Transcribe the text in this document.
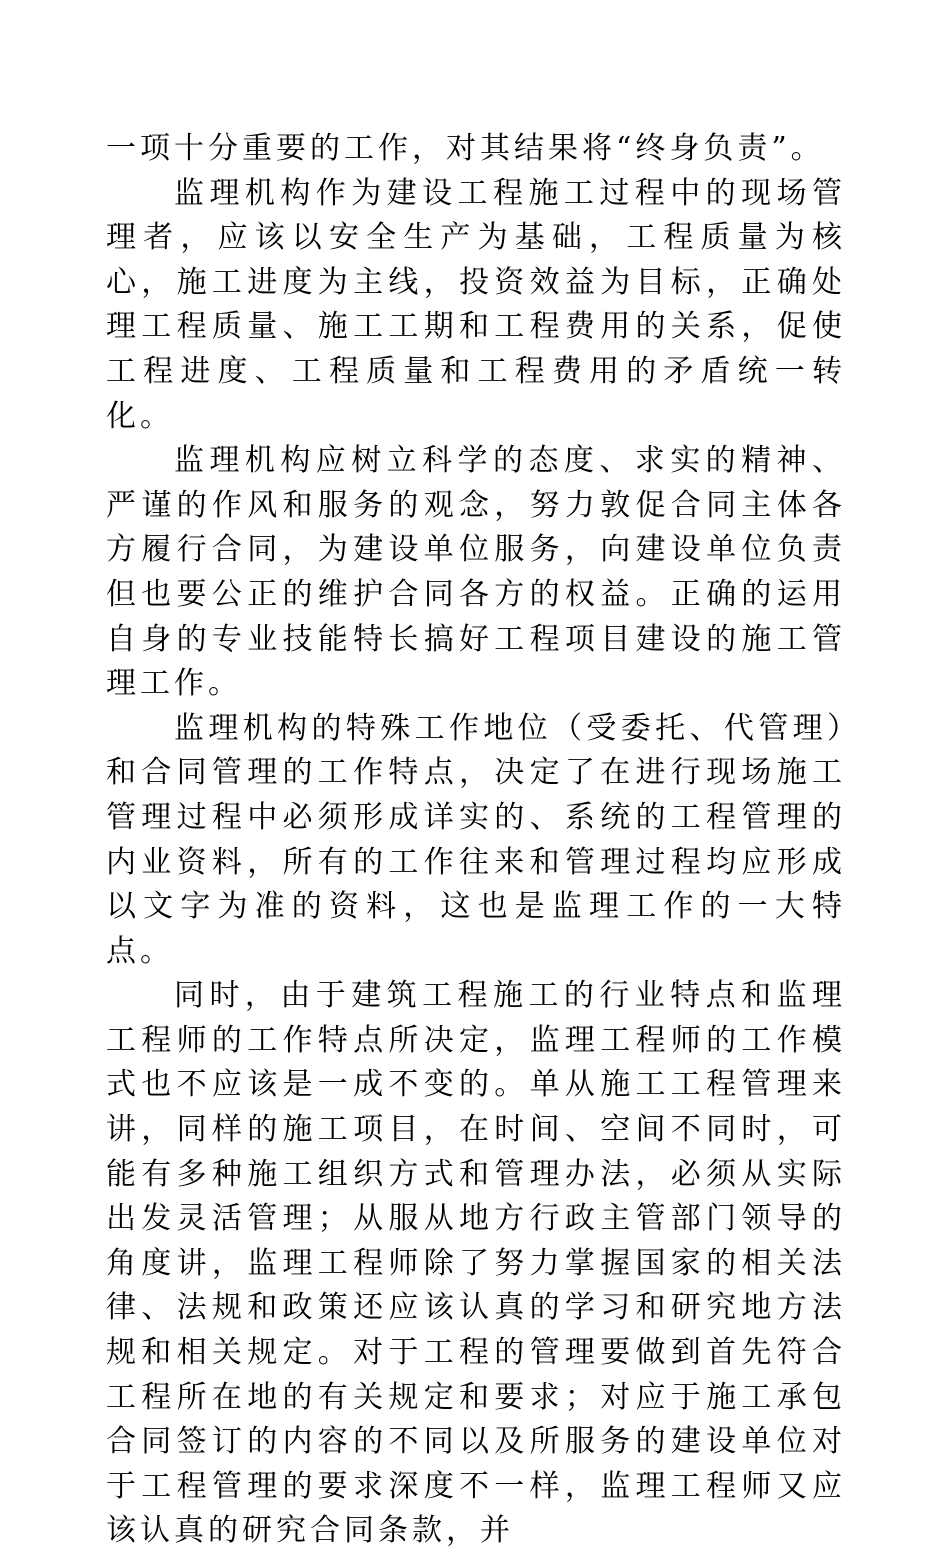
一项十分重要的工作，对其结果将“终身负责”。

监理机构作为建设工程施工过程中的现场管理者，应该以安全生产为基础，工程质量为核心，施工进度为主线，投资效益为目标，正确处理工程质量、施工工期和工程费用的关系，促使工程进度、工程质量和工程费用的矛盾统一转化。

监理机构应树立科学的态度、求实的精神、严谨的作风和服务的观念，努力敦促合同主体各方履行合同，为建设单位服务，向建设单位负责但也要公正的维护合同各方的权益。正确的运用自身的专业技能特长搞好工程项目建设的施工管理工作。

监理机构的特殊工作地位（受委托、代管理）和合同管理的工作特点，决定了在进行现场施工管理过程中必须形成详实的、系统的工程管理的内业资料，所有的工作往来和管理过程均应形成以文字为准的资料，这也是监理工作的一大特点。

同时，由于建筑工程施工的行业特点和监理工程师的工作特点所决定，监理工程师的工作模式也不应该是一成不变的。单从施工工程管理来讲，同样的施工项目，在时间、空间不同时，可能有多种施工组织方式和管理办法，必须从实际出发灵活管理；从服从地方行政主管部门领导的角度讲，监理工程师除了努力掌握国家的相关法律、法规和政策还应该认真的学习和研究地方法规和相关规定。对于工程的管理要做到首先符合工程所在地的有关规定和要求；对应于施工承包合同签订的内容的不同以及所服务的建设单位对于工程管理的要求深度不一样，监理工程师又应该认真的研究合同条款，并
